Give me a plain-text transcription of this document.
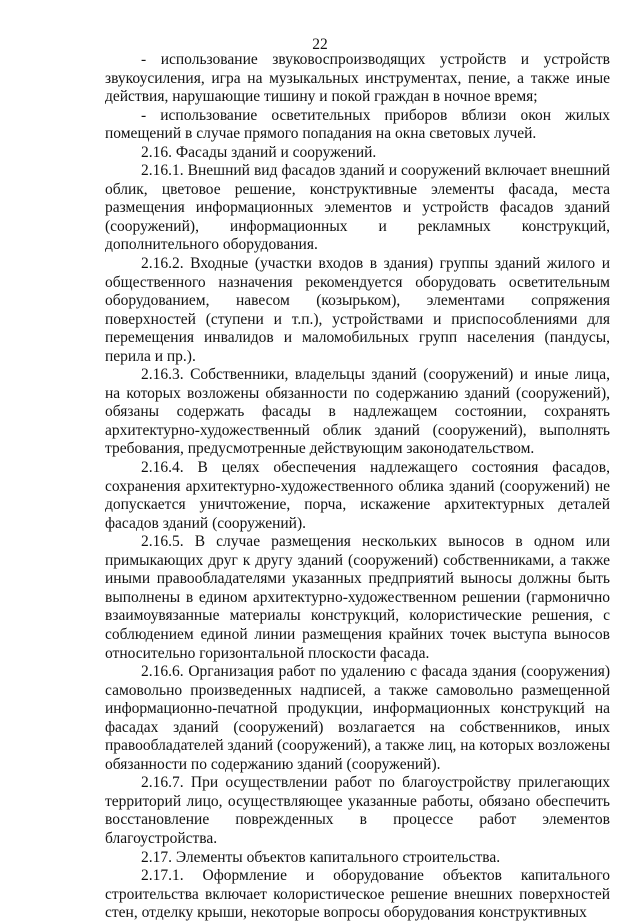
22

- использование звуковоспроизводящих устройств и устройств звукоусиления, игра на музыкальных инструментах, пение, а также иные действия, нарушающие тишину и покой граждан в ночное время;

- использование осветительных приборов вблизи окон жилых помещений в случае прямого попадания на окна световых лучей.

2.16. Фасады зданий и сооружений.

2.16.1. Внешний вид фасадов зданий и сооружений включает внешний облик, цветовое решение, конструктивные элементы фасада, места размещения информационных элементов и устройств фасадов зданий (сооружений), информационных и рекламных конструкций, дополнительного оборудования.

2.16.2. Входные (участки входов в здания) группы зданий жилого и общественного назначения рекомендуется оборудовать осветительным оборудованием, навесом (козырьком), элементами сопряжения поверхностей (ступени и т.п.), устройствами и приспособлениями для перемещения инвалидов и маломобильных групп населения (пандусы, перила и пр.).

2.16.3. Собственники, владельцы зданий (сооружений) и иные лица, на которых возложены обязанности по содержанию зданий (сооружений), обязаны содержать фасады в надлежащем состоянии, сохранять архитектурно-художественный облик зданий (сооружений), выполнять требования, предусмотренные действующим законодательством.

2.16.4. В целях обеспечения надлежащего состояния фасадов, сохранения архитектурно-художественного облика зданий (сооружений) не допускается уничтожение, порча, искажение архитектурных деталей фасадов зданий (сооружений).

2.16.5. В случае размещения нескольких выносов в одном или примыкающих друг к другу зданий (сооружений) собственниками, а также иными правообладателями указанных предприятий выносы должны быть выполнены в едином архитектурно-художественном решении (гармонично взаимоувязанные материалы конструкций, колористические решения, с соблюдением единой линии размещения крайних точек выступа выносов относительно горизонтальной плоскости фасада.

2.16.6. Организация работ по удалению с фасада здания (сооружения) самовольно произведенных надписей, а также самовольно размещенной информационно-печатной продукции, информационных конструкций на фасадах зданий (сооружений) возлагается на собственников, иных правообладателей зданий (сооружений), а также лиц, на которых возложены обязанности по содержанию зданий (сооружений).

2.16.7. При осуществлении работ по благоустройству прилегающих территорий лицо, осуществляющее указанные работы, обязано обеспечить восстановление поврежденных в процессе работ элементов благоустройства.

2.17. Элементы объектов капитального строительства.

2.17.1. Оформление и оборудование объектов капитального строительства включает колористическое решение внешних поверхностей стен, отделку крыши, некоторые вопросы оборудования конструктивных
